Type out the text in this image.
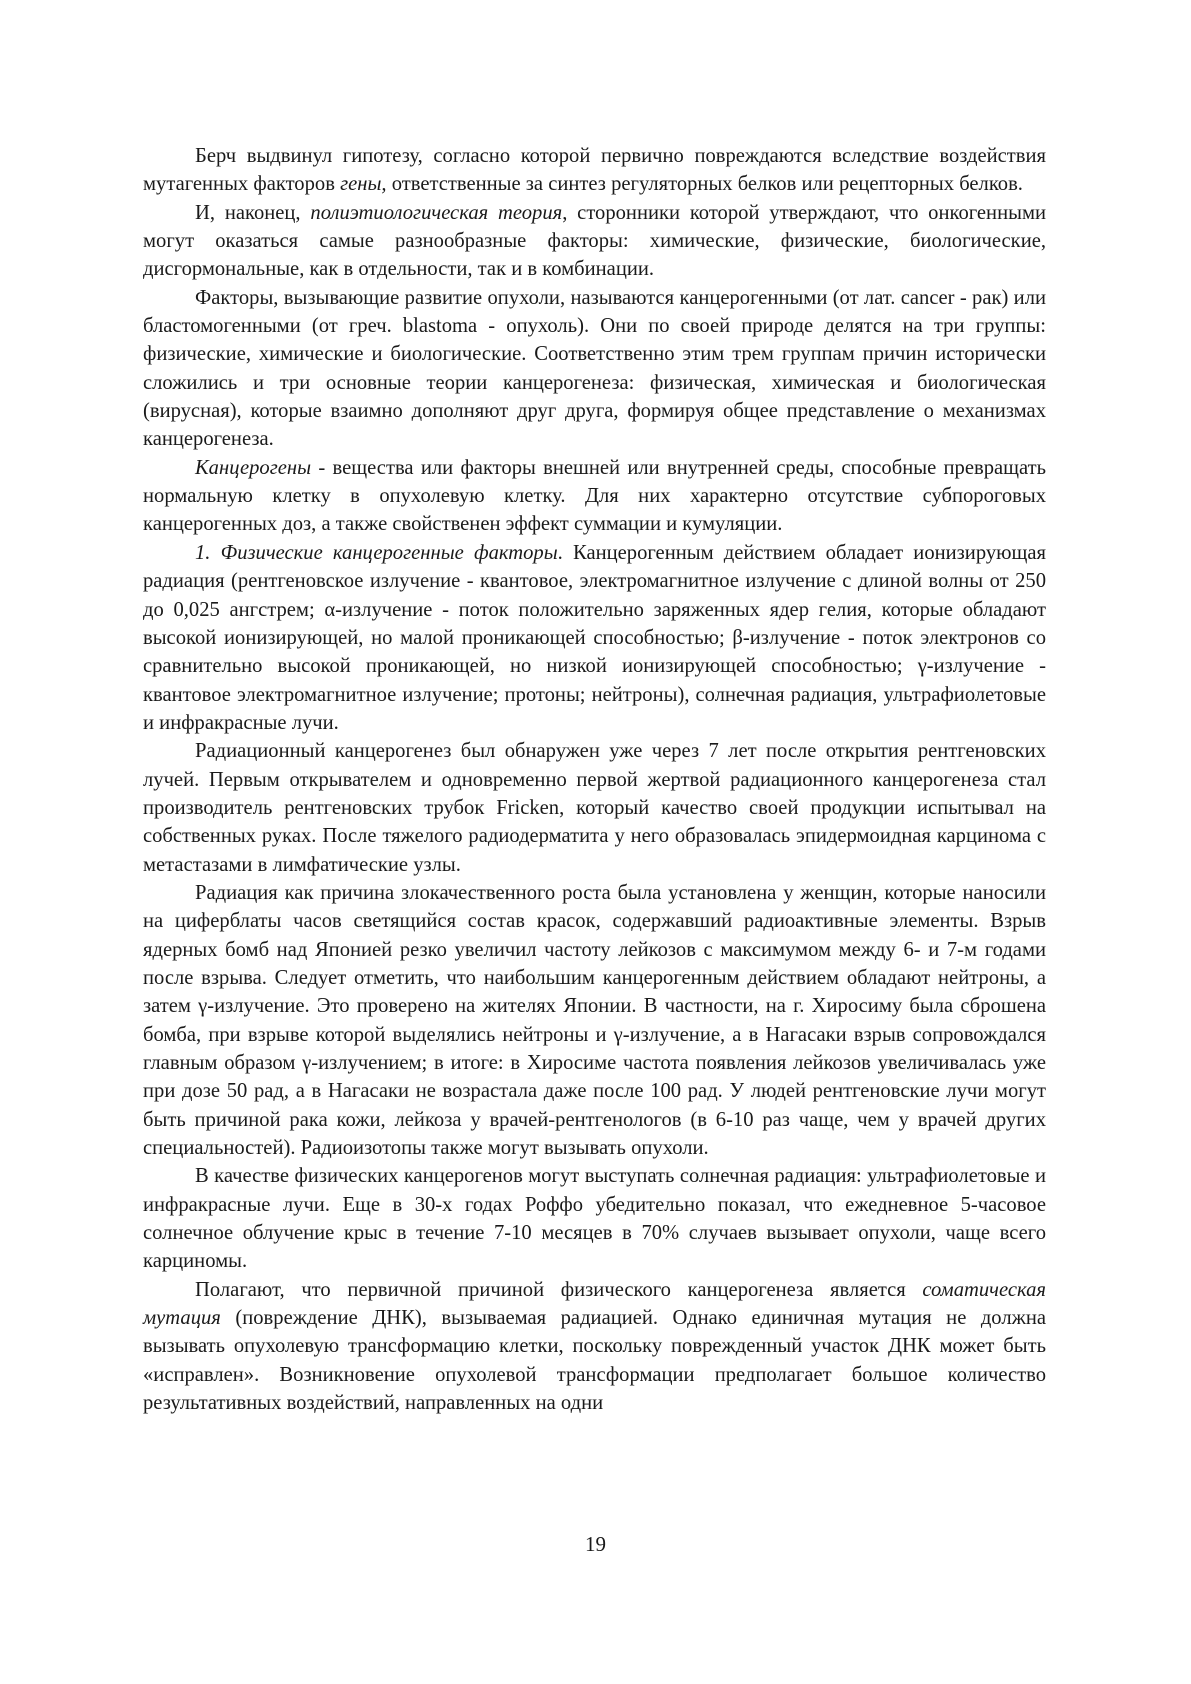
Берч выдвинул гипотезу, согласно которой первично повреждаются вследствие воздействия мутагенных факторов гены, ответственные за синтез регуляторных белков или рецепторных белков.

И, наконец, полиэтиологическая теория, сторонники которой утверждают, что онкогенными могут оказаться самые разнообразные факторы: химические, физические, биологические, дисгормональные, как в отдельности, так и в комбинации.

Факторы, вызывающие развитие опухоли, называются канцерогенными (от лат. cancer - рак) или бластомогенными (от греч. blastoma - опухоль). Они по своей природе делятся на три группы: физические, химические и биологические. Соответственно этим трем группам причин исторически сложились и три основные теории канцерогенеза: физическая, химическая и биологическая (вирусная), которые взаимно дополняют друг друга, формируя общее представление о механизмах канцерогенеза.

Канцерогены - вещества или факторы внешней или внутренней среды, способные превращать нормальную клетку в опухолевую клетку. Для них характерно отсутствие субпороговых канцерогенных доз, а также свойственен эффект суммации и кумуляции.

1. Физические канцерогенные факторы. Канцерогенным действием обладает ионизирующая радиация (рентгеновское излучение - квантовое, электромагнитное излучение с длиной волны от 250 до 0,025 ангстрем; α-излучение - поток положительно заряженных ядер гелия, которые обладают высокой ионизирующей, но малой проникающей способностью; β-излучение - поток электронов со сравнительно высокой проникающей, но низкой ионизирующей способностью; γ-излучение - квантовое электромагнитное излучение; протоны; нейтроны), солнечная радиация, ультрафиолетовые и инфракрасные лучи.

Радиационный канцерогенез был обнаружен уже через 7 лет после открытия рентгеновских лучей. Первым открывателем и одновременно первой жертвой радиационного канцерогенеза стал производитель рентгеновских трубок Fricken, который качество своей продукции испытывал на собственных руках. После тяжелого радиодерматита у него образовалась эпидермоидная карцинома с метастазами в лимфатические узлы.

Радиация как причина злокачественного роста была установлена у женщин, которые наносили на циферблаты часов светящийся состав красок, содержавший радиоактивные элементы. Взрыв ядерных бомб над Японией резко увеличил частоту лейкозов с максимумом между 6- и 7-м годами после взрыва. Следует отметить, что наибольшим канцерогенным действием обладают нейтроны, а затем γ-излучение. Это проверено на жителях Японии. В частности, на г. Хиросиму была сброшена бомба, при взрыве которой выделялись нейтроны и γ-излучение, а в Нагасаки взрыв сопровождался главным образом γ-излучением; в итоге: в Хиросиме частота появления лейкозов увеличивалась уже при дозе 50 рад, а в Нагасаки не возрастала даже после 100 рад. У людей рентгеновские лучи могут быть причиной рака кожи, лейкоза у врачей-рентгенологов (в 6-10 раз чаще, чем у врачей других специальностей). Радиоизотопы также могут вызывать опухоли.

В качестве физических канцерогенов могут выступать солнечная радиация: ультрафиолетовые и инфракрасные лучи. Еще в 30-х годах Роффо убедительно показал, что ежедневное 5-часовое солнечное облучение крыс в течение 7-10 месяцев в 70% случаев вызывает опухоли, чаще всего карциномы.

Полагают, что первичной причиной физического канцерогенеза является соматическая мутация (повреждение ДНК), вызываемая радиацией. Однако единичная мутация не должна вызывать опухолевую трансформацию клетки, поскольку поврежденный участок ДНК может быть «исправлен». Возникновение опухолевой трансформации предполагает большое количество результативных воздействий, направленных на одни

19
